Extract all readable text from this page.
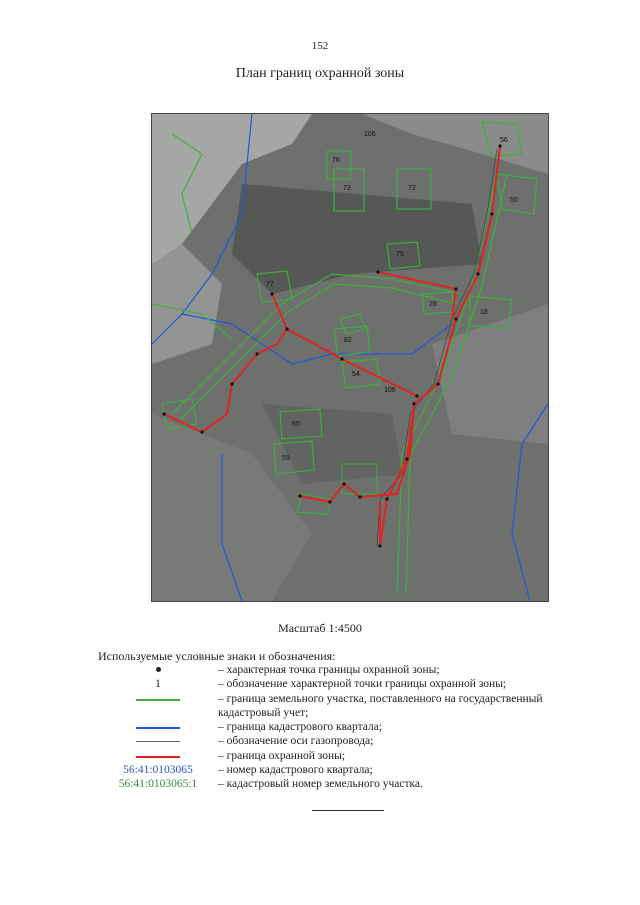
152
План границ охранной зоны
106
76
73	72
56
50
75
28
18
77
82
54
106
60
59
Масштаб 1:4500
Используемые условные знаки и обозначения:
– характерная точка границы охранной зоны;
1	– обозначение характерной точки границы охранной зоны;
– граница земельного участка, поставленного на государственный
кадастровый учет;
– граница кадастрового квартала;
– обозначение оси газопровода;
– граница охранной зоны;
56:41:0103065	– номер кадастрового квартала;
56:41:0103065:1	– кадастровый номер земельного участка.
